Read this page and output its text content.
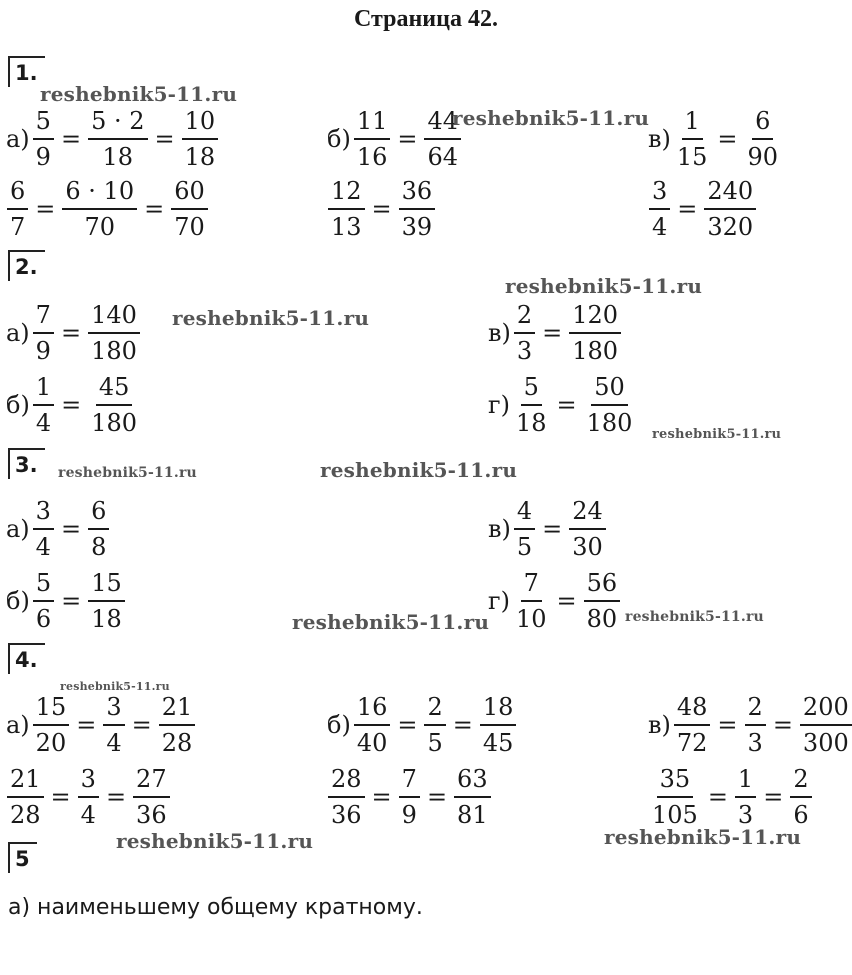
Страница 42.
1.
2.
3.
4.
5
$а) \frac{5}{9} = \frac{5 \cdot 2}{18} = \frac{10}{18}$	$б) \frac{11}{16} = \frac{44}{64}$	$в) \frac{1}{15} = \frac{6}{90}$
$\frac{6}{7} = \frac{6 \cdot 10}{70} = \frac{60}{70}$	$\frac{12}{13} = \frac{36}{39}$	$\frac{3}{4} = \frac{240}{320}$
$а) \frac{7}{9} = \frac{140}{180}$	$в) \frac{2}{3} = \frac{120}{180}$
$б) \frac{1}{4} = \frac{45}{180}$	$г) \frac{5}{18} = \frac{50}{180}$
$а) \frac{3}{4} = \frac{6}{8}$	$в) \frac{4}{5} = \frac{24}{30}$
$б) \frac{5}{6} = \frac{15}{18}$	$г) \frac{7}{10} = \frac{56}{80}$
$а) \frac{15}{20} = \frac{3}{4} = \frac{21}{28}$	$б) \frac{16}{40} = \frac{2}{5} = \frac{18}{45}$	$в) \frac{48}{72} = \frac{2}{3} = \frac{200}{300}$
$\frac{21}{28} = \frac{3}{4} = \frac{27}{36}$	$\frac{28}{36} = \frac{7}{9} = \frac{63}{81}$	$\frac{35}{105} = \frac{1}{3} = \frac{2}{6}$
а) наименьшему общему кратному.
reshebnik5-11.ru
reshebnik5-11.ru
reshebnik5-11.ru
reshebnik5-11.ru
reshebnik5-11.ru
reshebnik5-11.ru	reshebnik5-11.ru
reshebnik5-11.ru	reshebnik5-11.ru
reshebnik5-11.ru
reshebnik5-11.ru	reshebnik5-11.ru
